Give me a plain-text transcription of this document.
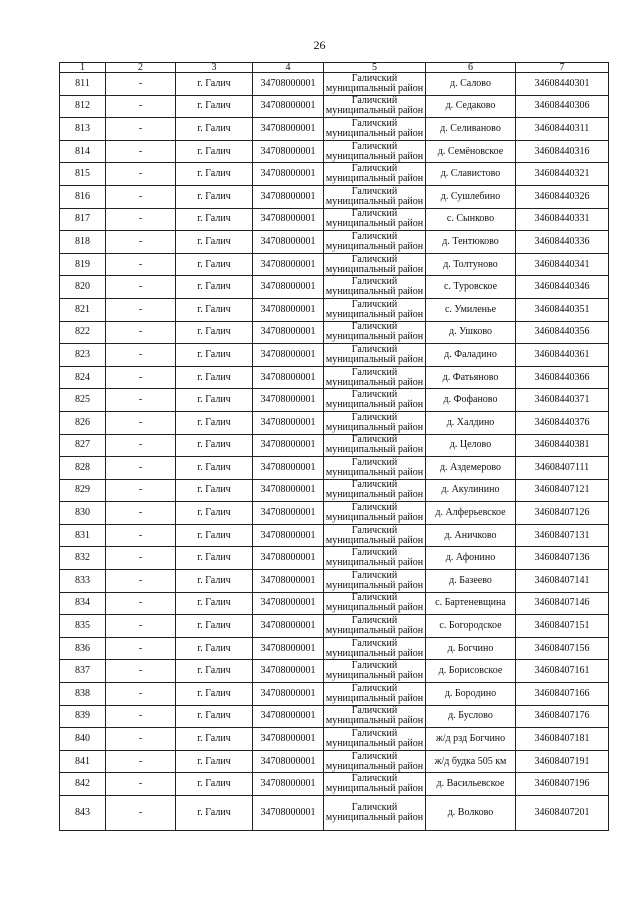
26
1	2	3	4	5	6	7
811	-	г. Галич	34708000001	Галичский муниципальный район	д. Салово	34608440301
812	-	г. Галич	34708000001	Галичский муниципальный район	д. Седаково	34608440306
813	-	г. Галич	34708000001	Галичский муниципальный район	д. Селиваново	34608440311
814	-	г. Галич	34708000001	Галичский муниципальный район	д. Семёновское	34608440316
815	-	г. Галич	34708000001	Галичский муниципальный район	д. Славистово	34608440321
816	-	г. Галич	34708000001	Галичский муниципальный район	д. Сушлебино	34608440326
817	-	г. Галич	34708000001	Галичский муниципальный район	с. Сынково	34608440331
818	-	г. Галич	34708000001	Галичский муниципальный район	д. Тентюково	34608440336
819	-	г. Галич	34708000001	Галичский муниципальный район	д. Толтуново	34608440341
820	-	г. Галич	34708000001	Галичский муниципальный район	с. Туровское	34608440346
821	-	г. Галич	34708000001	Галичский муниципальный район	с. Умиленье	34608440351
822	-	г. Галич	34708000001	Галичский муниципальный район	д. Ушково	34608440356
823	-	г. Галич	34708000001	Галичский муниципальный район	д. Фаладино	34608440361
824	-	г. Галич	34708000001	Галичский муниципальный район	д. Фатьяново	34608440366
825	-	г. Галич	34708000001	Галичский муниципальный район	д. Фофаново	34608440371
826	-	г. Галич	34708000001	Галичский муниципальный район	д. Халдино	34608440376
827	-	г. Галич	34708000001	Галичский муниципальный район	д. Целово	34608440381
828	-	г. Галич	34708000001	Галичский муниципальный район	д. Аздемерово	34608407111
829	-	г. Галич	34708000001	Галичский муниципальный район	д. Акулинино	34608407121
830	-	г. Галич	34708000001	Галичский муниципальный район	д. Алферьевское	34608407126
831	-	г. Галич	34708000001	Галичский муниципальный район	д. Аничково	34608407131
832	-	г. Галич	34708000001	Галичский муниципальный район	д. Афонино	34608407136
833	-	г. Галич	34708000001	Галичский муниципальный район	д. Базеево	34608407141
834	-	г. Галич	34708000001	Галичский муниципальный район	с. Бартеневщина	34608407146
835	-	г. Галич	34708000001	Галичский муниципальный район	с. Богородское	34608407151
836	-	г. Галич	34708000001	Галичский муниципальный район	д. Богчино	34608407156
837	-	г. Галич	34708000001	Галичский муниципальный район	д. Борисовское	34608407161
838	-	г. Галич	34708000001	Галичский муниципальный район	д. Бородино	34608407166
839	-	г. Галич	34708000001	Галичский муниципальный район	д. Буслово	34608407176
840	-	г. Галич	34708000001	Галичский муниципальный район	ж/д рзд Богчино	34608407181
841	-	г. Галич	34708000001	Галичский муниципальный район	ж/д будка 505 км	34608407191
842	-	г. Галич	34708000001	Галичский муниципальный район	д. Васильевское	34608407196
843	-	г. Галич	34708000001	Галичский муниципальный район	д. Волково	34608407201
